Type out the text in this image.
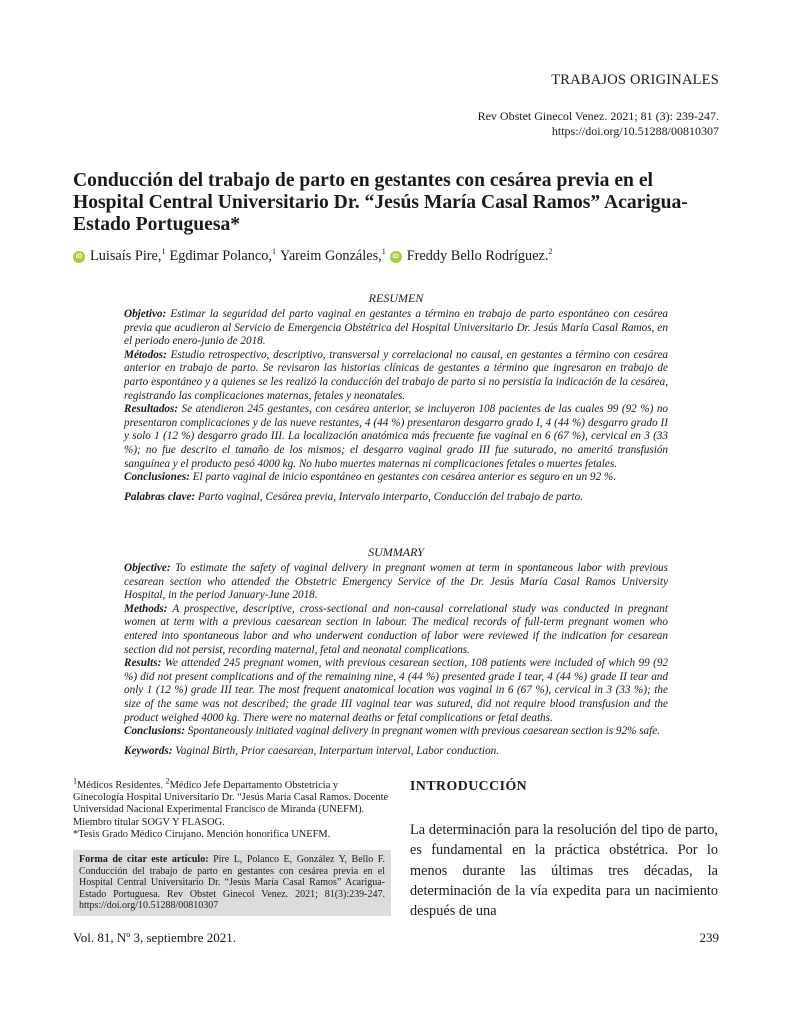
TRABAJOS ORIGINALES
Rev Obstet Ginecol Venez. 2021; 81 (3): 239-247.
https://doi.org/10.51288/00810307
Conducción del trabajo de parto en gestantes con cesárea previa en el Hospital Central Universitario Dr. “Jesús María Casal Ramos” Acarigua-Estado Portuguesa*
iD Luisaís Pire,$^1$ Egdimar Polanco,$^1$ Yareim Gonzáles,$^1$	iD Freddy Bello Rodríguez.$^2$
RESUMEN

Objetivo: Estimar la seguridad del parto vaginal en gestantes a término en trabajo de parto espontáneo con cesárea previa que acudieron al Servicio de Emergencia Obstétrica del Hospital Universitario Dr. Jesús María Casal Ramos, en el periodo enero-junio de 2018.

Métodos: Estudio retrospectivo, descriptivo, transversal y correlacional no causal, en gestantes a término con cesárea anterior en trabajo de parto. Se revisaron las historias clínicas de gestantes a término que ingresaron en trabajo de parto espontáneo y a quienes se les realizó la conducción del trabajo de parto si no persistía la indicación de la cesárea, registrando las complicaciones maternas, fetales y neonatales.

Resultados: Se atendieron 245 gestantes, con cesárea anterior, se incluyeron 108 pacientes de las cuales 99 (92 %) no presentaron complicaciones y de las nueve restantes, 4 (44 %) presentaron desgarro grado I, 4 (44 %) desgarro grado II y solo 1 (12 %) desgarro grado III. La localización anatómica más frecuente fue vaginal en 6 (67 %), cervical en 3 (33 %); no fue descrito el tamaño de los mismos; el desgarro vaginal grado III fue suturado, no ameritó transfusión sanguínea y el producto pesó 4000 kg. No hubo muertes maternas ni complicaciones fetales o muertes fetales.

Conclusiones: El parto vaginal de inicio espontáneo en gestantes con cesárea anterior es seguro en un 92 %.

Palabras clave: Parto vaginal, Cesárea previa, Intervalo interparto, Conducción del trabajo de parto.

SUMMARY

Objective: To estimate the safety of vaginal delivery in pregnant women at term in spontaneous labor with previous cesarean section who attended the Obstetric Emergency Service of the Dr. Jesús María Casal Ramos University Hospital, in the period January-June 2018.

Methods: A prospective, descriptive, cross-sectional and non-causal correlational study was conducted in pregnant women at term with a previous caesarean section in labour. The medical records of full-term pregnant women who entered into spontaneous labor and who underwent conduction of labor were reviewed if the indication for cesarean section did not persist, recording maternal, fetal and neonatal complications.

Results: We attended 245 pregnant women, with previous cesarean section, 108 patients were included of which 99 (92 %) did not present complications and of the remaining nine, 4 (44 %) presented grade I tear, 4 (44 %) grade II tear and only 1 (12 %) grade III tear. The most frequent anatomical location was vaginal in 6 (67 %), cervical in 3 (33 %); the size of the same was not described; the grade III vaginal tear was sutured, did not require blood transfusion and the product weighed 4000 kg. There were no maternal deaths or fetal complications or fetal deaths.

Conclusions: Spontaneously initiated vaginal delivery in pregnant women with previous caesarean section is 92% safe.

Keywords: Vaginal Birth, Prior caesarean, Interpartum interval, Labor conduction.

$^1$Médicos Residentes. $^2$Médico Jefe Departamento Obstetricia y Ginecología Hospital Universitario Dr. “Jesús María Casal Ramos. Docente Universidad Nacional Experimental Francisco de Miranda (UNEFM). Miembro titular SOGV Y FLASOG.

*Tesis Grado Médico Cirujano. Mención honorifica UNEFM.

Forma de citar este artículo: Pire L, Polanco E, González Y, Bello F. Conducción del trabajo de parto en gestantes con cesárea previa en el Hospital Central Universitario Dr. “Jesús María Casal Ramos” Acarigua-Estado Portuguesa. Rev Obstet Ginecol Venez. 2021; 81(3):239-247. https://doi.org/10.51288/00810307
INTRODUCCIÓN

La determinación para la resolución del tipo de parto, es fundamental en la práctica obstétrica. Por lo menos durante las últimas tres décadas, la determinación de la vía expedita para un nacimiento después de una

Vol. 81, Nº 3, septiembre 2021.	239
